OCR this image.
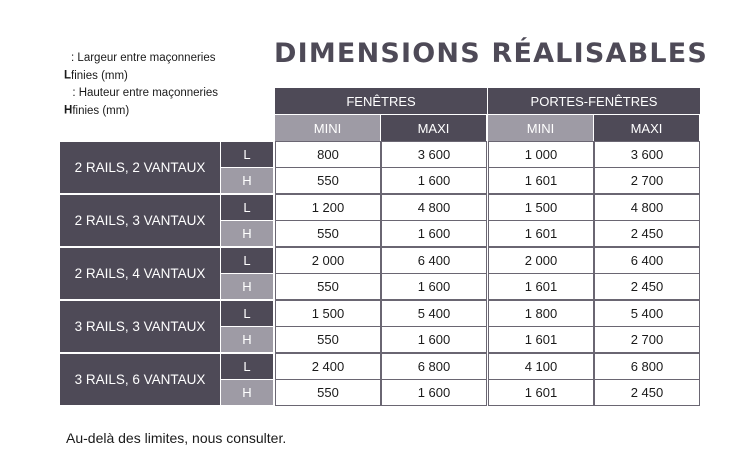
L: Largeur entre maçonneries finies (mm)
H: Hauteur entre maçonneries finies (mm)
DIMENSIONS RÉALISABLES
FENÊTRES	PORTES-FENÊTRES
MINI	MAXI	MINI	MAXI
2 RAILS, 2 VANTAUX
L	800	3 600	1 000	3 600
H	550	1 600	1 601	2 700
2 RAILS, 3 VANTAUX
L	1 200	4 800	1 500	4 800
H	550	1 600	1 601	2 450
2 RAILS, 4 VANTAUX
L	2 000	6 400	2 000	6 400
H	550	1 600	1 601	2 450
3 RAILS, 3 VANTAUX
L	1 500	5 400	1 800	5 400
H	550	1 600	1 601	2 700
3 RAILS, 6 VANTAUX
L	2 400	6 800	4 100	6 800
H	550	1 600	1 601	2 450
Au-delà des limites, nous consulter.
